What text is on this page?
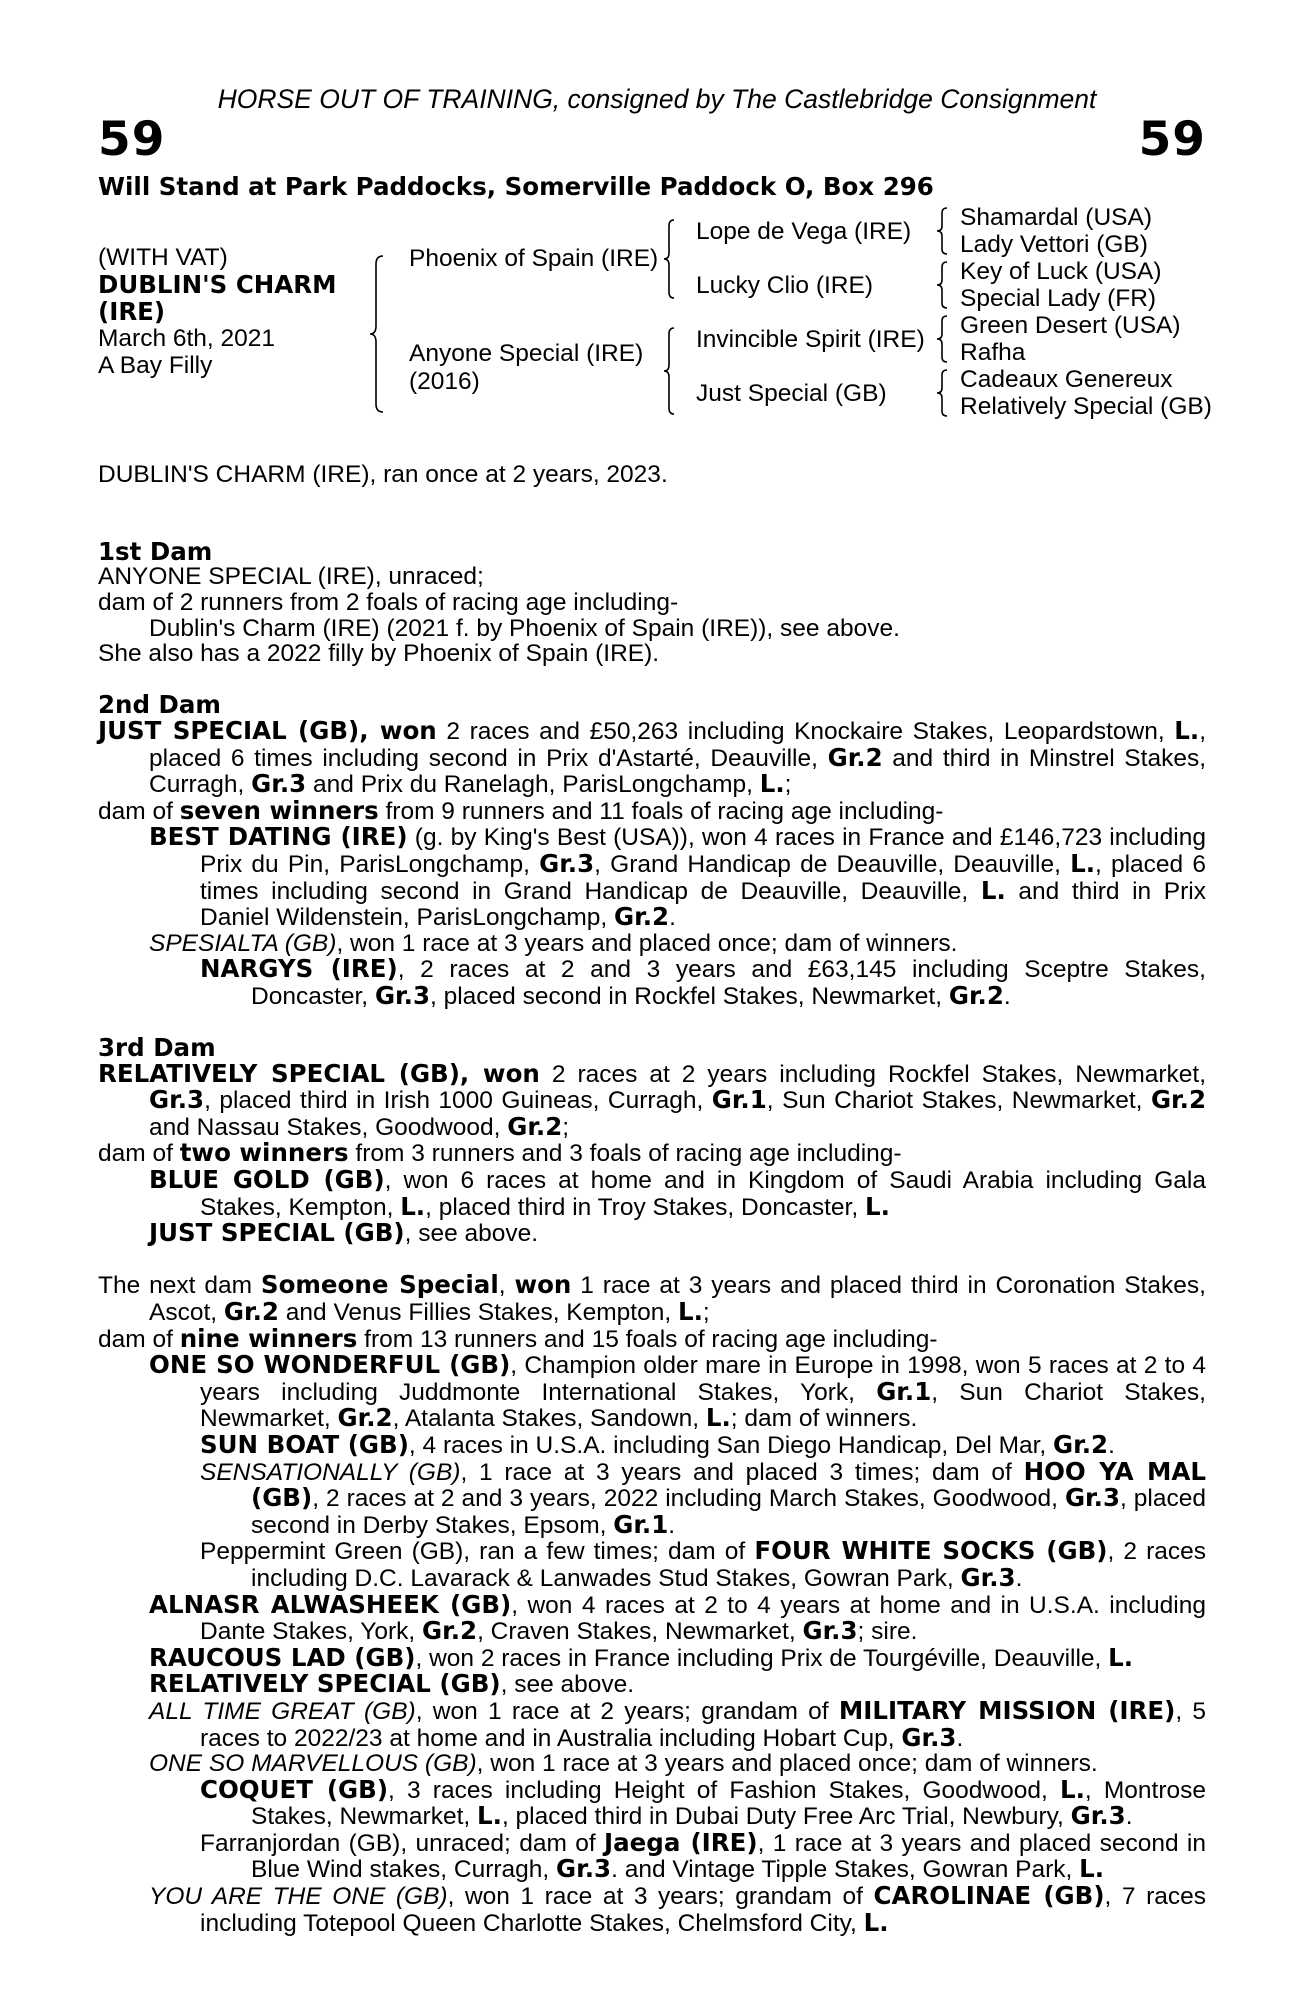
HORSE OUT OF TRAINING, consigned by The Castlebridge Consignment
59	59
Will Stand at Park Paddocks, Somerville Paddock O, Box 296
(WITH VAT)
DUBLIN'S CHARM
(IRE)
March 6th, 2021
A Bay Filly
Phoenix of Spain (IRE)
Anyone Special (IRE)
(2016)
Lope de Vega (IRE)
Lucky Clio (IRE)
Invincible Spirit (IRE)
Just Special (GB)
Shamardal (USA)
Lady Vettori (GB)
Key of Luck (USA)
Special Lady (FR)
Green Desert (USA)
Rafha
Cadeaux Genereux
Relatively Special (GB)

DUBLIN'S CHARM (IRE), ran once at 2 years, 2023.

1st Dam

ANYONE SPECIAL (IRE), unraced;

dam of 2 runners from 2 foals of racing age including-

Dublin's Charm (IRE) (2021 f. by Phoenix of Spain (IRE)), see above.

She also has a 2022 filly by Phoenix of Spain (IRE).

2nd Dam

JUST SPECIAL (GB), won 2 races and £50,263 including Knockaire Stakes, Leopardstown, L., placed 6 times including second in Prix d'Astarté, Deauville, Gr.2 and third in Minstrel Stakes, Curragh, Gr.3 and Prix du Ranelagh, ParisLongchamp, L.;

dam of seven winners from 9 runners and 11 foals of racing age including-

BEST DATING (IRE) (g. by King's Best (USA)), won 4 races in France and £146,723 including Prix du Pin, ParisLongchamp, Gr.3, Grand Handicap de Deauville, Deauville, L., placed 6 times including second in Grand Handicap de Deauville, Deauville, L. and third in Prix Daniel Wildenstein, ParisLongchamp, Gr.2.

SPESIALTA (GB), won 1 race at 3 years and placed once; dam of winners.

NARGYS (IRE), 2 races at 2 and 3 years and £63,145 including Sceptre Stakes, Doncaster, Gr.3, placed second in Rockfel Stakes, Newmarket, Gr.2.

3rd Dam

RELATIVELY SPECIAL (GB), won 2 races at 2 years including Rockfel Stakes, Newmarket, Gr.3, placed third in Irish 1000 Guineas, Curragh, Gr.1, Sun Chariot Stakes, Newmarket, Gr.2 and Nassau Stakes, Goodwood, Gr.2;

dam of two winners from 3 runners and 3 foals of racing age including-

BLUE GOLD (GB), won 6 races at home and in Kingdom of Saudi Arabia including Gala Stakes, Kempton, L., placed third in Troy Stakes, Doncaster, L.

JUST SPECIAL (GB), see above.

The next dam Someone Special, won 1 race at 3 years and placed third in Coronation Stakes, Ascot, Gr.2 and Venus Fillies Stakes, Kempton, L.;

dam of nine winners from 13 runners and 15 foals of racing age including-

ONE SO WONDERFUL (GB), Champion older mare in Europe in 1998, won 5 races at 2 to 4 years including Juddmonte International Stakes, York, Gr.1, Sun Chariot Stakes, Newmarket, Gr.2, Atalanta Stakes, Sandown, L.; dam of winners.

SUN BOAT (GB), 4 races in U.S.A. including San Diego Handicap, Del Mar, Gr.2.

SENSATIONALLY (GB), 1 race at 3 years and placed 3 times; dam of HOO YA MAL (GB), 2 races at 2 and 3 years, 2022 including March Stakes, Goodwood, Gr.3, placed second in Derby Stakes, Epsom, Gr.1.

Peppermint Green (GB), ran a few times; dam of FOUR WHITE SOCKS (GB), 2 races including D.C. Lavarack & Lanwades Stud Stakes, Gowran Park, Gr.3.

ALNASR ALWASHEEK (GB), won 4 races at 2 to 4 years at home and in U.S.A. including Dante Stakes, York, Gr.2, Craven Stakes, Newmarket, Gr.3; sire.

RAUCOUS LAD (GB), won 2 races in France including Prix de Tourgéville, Deauville, L.

RELATIVELY SPECIAL (GB), see above.

ALL TIME GREAT (GB), won 1 race at 2 years; grandam of MILITARY MISSION (IRE), 5 races to 2022/23 at home and in Australia including Hobart Cup, Gr.3.

ONE SO MARVELLOUS (GB), won 1 race at 3 years and placed once; dam of winners.

COQUET (GB), 3 races including Height of Fashion Stakes, Goodwood, L., Montrose Stakes, Newmarket, L., placed third in Dubai Duty Free Arc Trial, Newbury, Gr.3.

Farranjordan (GB), unraced; dam of Jaega (IRE), 1 race at 3 years and placed second in Blue Wind stakes, Curragh, Gr.3. and Vintage Tipple Stakes, Gowran Park, L.

YOU ARE THE ONE (GB), won 1 race at 3 years; grandam of CAROLINAE (GB), 7 races including Totepool Queen Charlotte Stakes, Chelmsford City, L.
